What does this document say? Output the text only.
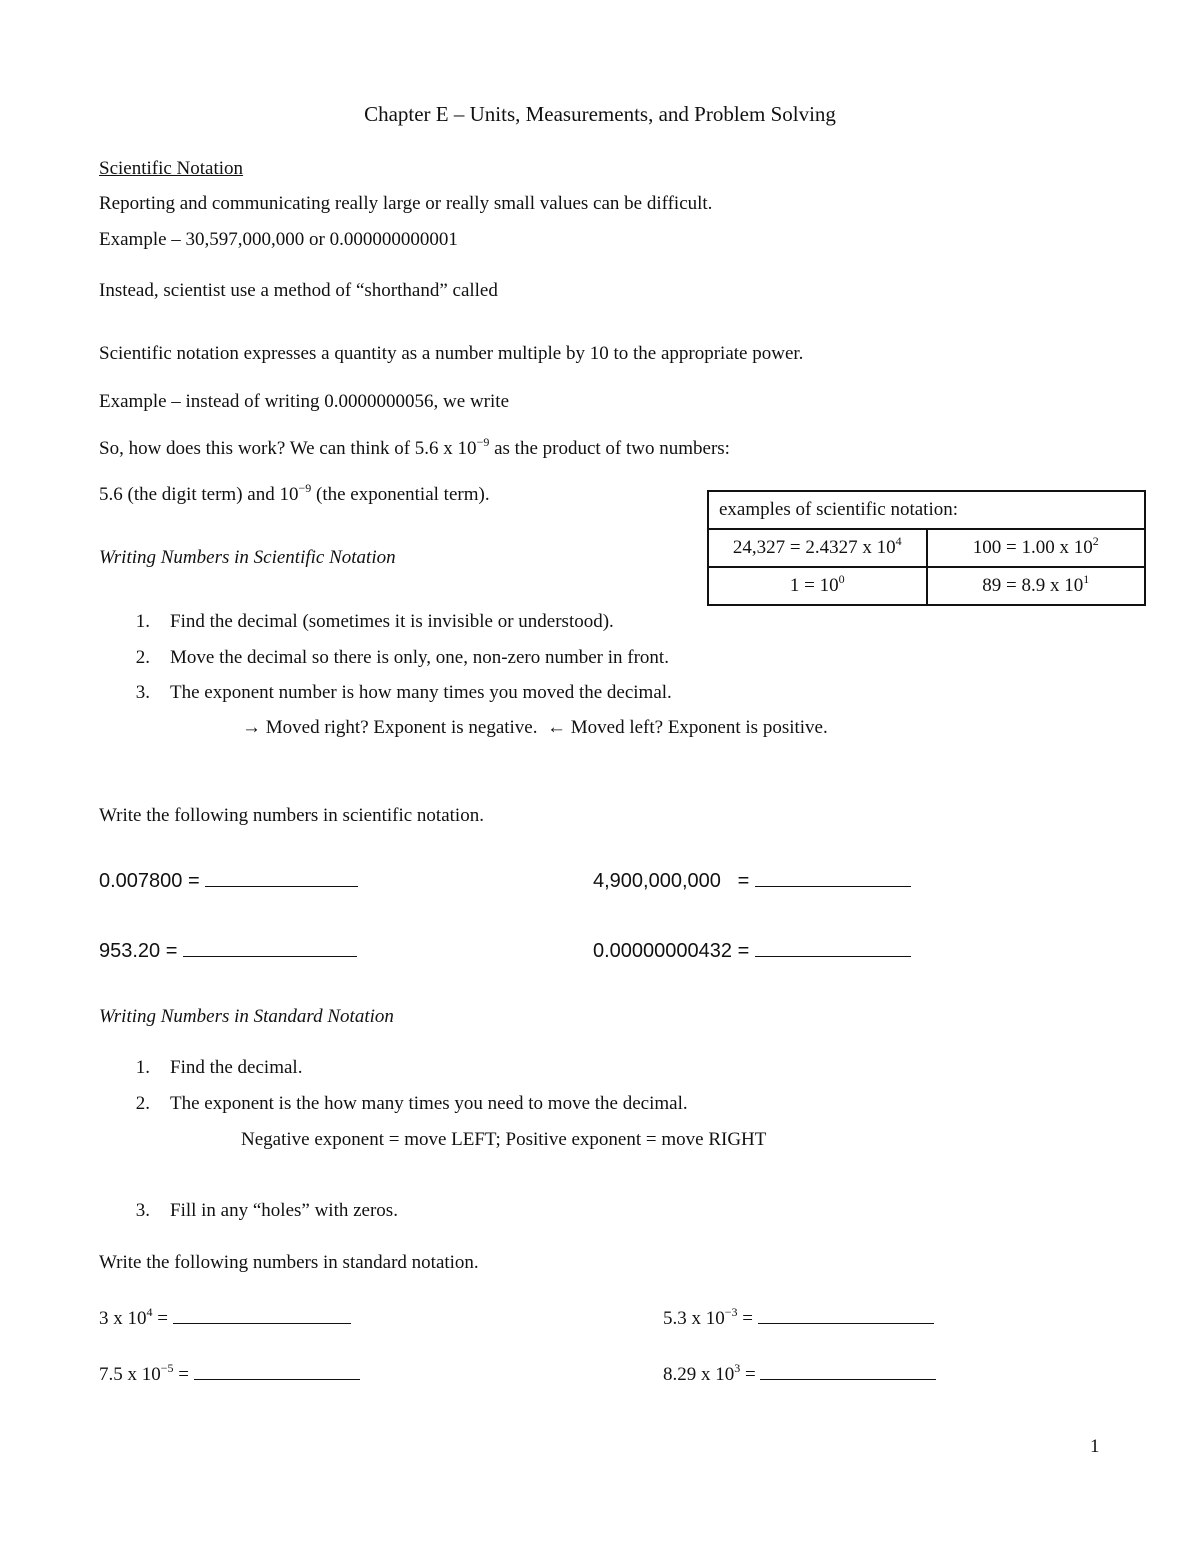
Chapter E – Units, Measurements, and Problem Solving
Scientific Notation
Reporting and communicating really large or really small values can be difficult.
Example – 30,597,000,000 or 0.000000000001
Instead, scientist use a method of “shorthand” called
Scientific notation expresses a quantity as a number multiple by 10 to the appropriate power.
Example – instead of writing 0.0000000056, we write
So, how does this work? We can think of 5.6 x $10^{-9}$ as the product of two numbers:
5.6 (the digit term) and $10^{-9}$ (the exponential term).
examples of scientific notation:	
24,327 = 2.4327 x $10^4$	100 = 1.00 x $10^2$
$1 = 10^0$	89 = 8.9 x $10^1$
Writing Numbers in Scientific Notation
1. Find the decimal (sometimes it is invisible or understood).
2. Move the decimal so there is only, one, non-zero number in front.
3. The exponent number is how many times you moved the decimal.
→ Moved right? Exponent is negative. ← Moved left? Exponent is positive.
Write the following numbers in scientific notation.
0.007800 =	4,900,000,000   =
953.20 =	0.00000000432 =
Writing Numbers in Standard Notation
1. Find the decimal.
2. The exponent is the how many times you need to move the decimal.
Negative exponent = move LEFT; Positive exponent = move RIGHT
3. Fill in any “holes” with zeros.
Write the following numbers in standard notation.
3 x $10^4$ =	5.3 x $10^{-3}$ =
7.5 x $10^{-5}$ =	8.29 x $10^3$ =
1
